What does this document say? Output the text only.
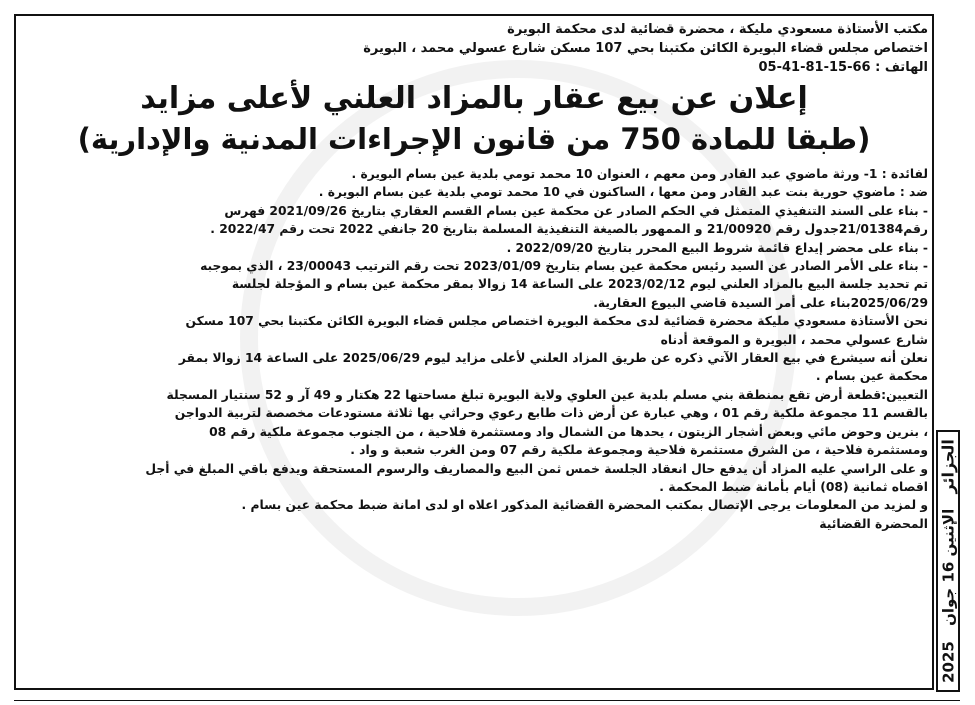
مكتب الأستاذة مسعودي مليكة ، محضرة قضائية لدى محكمة البويرة
اختصاص مجلس قضاء البويرة الكائن مكتبنا بحي 107 مسكن شارع عسولي محمد ، البويرة
الهاتف : 66-15-81-41-05
إعلان عن بيع عقار بالمزاد العلني لأعلى مزايد
(طبقا للمادة 750 من قانون الإجراءات المدنية والإدارية)
لفائدة : 1- ورثة ماضوي عبد القادر ومن معهم ، العنوان 10 محمد تومي بلدية عين بسام البويرة .
ضد : ماضوي حورية بنت عبد القادر ومن معها ، الساكنون في 10 محمد تومي بلدية عين بسام البويرة .
- بناء على السند التنفيذي المتمثل في الحكم الصادر عن محكمة عين بسام القسم العقاري بتاريخ 2021/09/26 فهرس
رقم21/01384جدول رقم 21/00920 و الممهور بالصيغة التنفيذية المسلمة بتاريخ 20 جانفي 2022 تحت رقم 2022/47 .
- بناء على محضر إيداع قائمة شروط البيع المحرر بتاريخ 2022/09/20 .
- بناء على الأمر الصادر عن السيد رئيس محكمة عين بسام بتاريخ 2023/01/09 تحت رقم الترتيب 23/00043 ، الذي بموجبه
تم تحديد جلسة البيع بالمزاد العلني ليوم 2023/02/12 على الساعة 14 زوالا بمقر محكمة عين بسام و المؤجلة لجلسة
2025/06/29بناء على أمر السيدة قاضي البيوع العقارية.
نحن الأستاذة مسعودي مليكة محضرة قضائية لدى محكمة البويرة اختصاص مجلس قضاء البويرة الكائن مكتبنا بحي 107 مسكن
شارع عسولي محمد ، البويرة و الموقعة أدناه
نعلن أنه سيشرع في بيع العقار الآتي ذكره عن طريق المزاد العلني لأعلى مزايد ليوم 2025/06/29 على الساعة 14 زوالا بمقر
محكمة عين بسام .
التعيين:قطعة أرض تقع بمنطقة بني مسلم بلدية عين العلوي ولاية البويرة تبلغ مساحتها 22 هكتار و 49 آر و 52 سنتيار المسجلة
بالقسم 11 مجموعة ملكية رقم 01 ، وهي عبارة عن أرض ذات طابع رعوي وحراثي بها ثلاثة مستودعات مخصصة لتربية الدواجن
، بنرين وحوض مائي وبعض أشجار الزيتون ، يحدها من الشمال واد ومستثمرة فلاحية ، من الجنوب مجموعة ملكية رقم 08
ومستثمرة فلاحية ، من الشرق مستثمرة فلاحية ومجموعة ملكية رقم 07 ومن الغرب شعبة و واد .
و على الراسي عليه المزاد أن يدفع حال انعقاد الجلسة خمس ثمن البيع والمصاريف والرسوم المستحقة ويدفع باقي المبلغ في أجل
اقصاه ثمانية (08) أيام بأمانة ضبط المحكمة .
و لمزيد من المعلومات يرجى الإتصال بمكتب المحضرة القضائية المذكور اعلاه او لدى امانة ضبط محكمة عين بسام .
المحضرة القضائية
الجزائر الإثنين 16 جوان 2025
